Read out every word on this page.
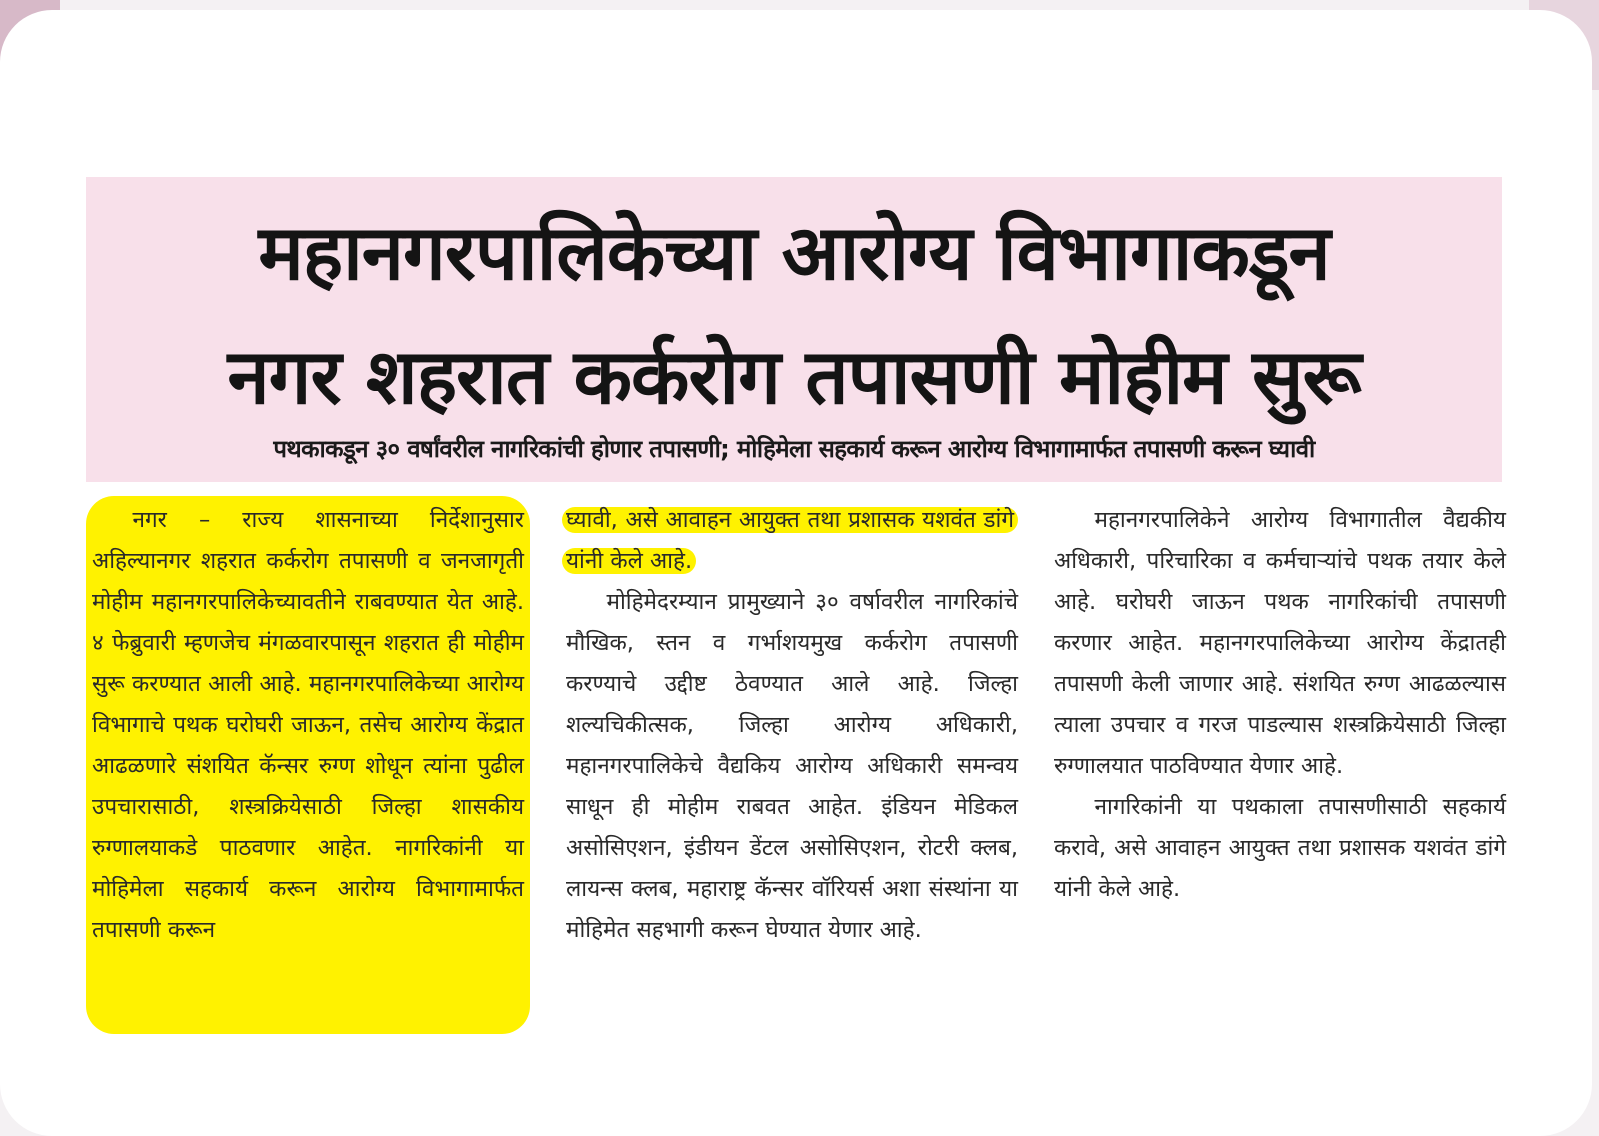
महानगरपालिकेच्या आरोग्य विभागाकडून
नगर शहरात कर्करोग तपासणी मोहीम सुरू
पथकाकडून ३० वर्षांवरील नागरिकांची होणार तपासणी; मोहिमेला सहकार्य करून आरोग्य विभागामार्फत तपासणी करून घ्यावी

नगर – राज्य शासनाच्या निर्देशानुसार अहिल्यानगर शहरात कर्करोग तपासणी व जनजागृती मोहीम महानगरपालिकेच्यावतीने राबवण्यात येत आहे. ४ फेब्रुवारी म्हणजेच मंगळवारपासून शहरात ही मोहीम सुरू करण्यात आली आहे. महानगरपालिकेच्या आरोग्य विभागाचे पथक घरोघरी जाऊन, तसेच आरोग्य केंद्रात आढळणारे संशयित कॅन्सर रुग्ण शोधून त्यांना पुढील उपचारासाठी, शस्त्रक्रियेसाठी जिल्हा शासकीय रुग्णालयाकडे पाठवणार आहेत. नागरिकांनी या मोहिमेला सहकार्य करून आरोग्य विभागामार्फत तपासणी करून

घ्यावी, असे आवाहन आयुक्त तथा प्रशासक यशवंत डांगे यांनी केले आहे.

मोहिमेदरम्यान प्रामुख्याने ३० वर्षावरील नागरिकांचे मौखिक, स्तन व गर्भाशयमुख कर्करोग तपासणी करण्याचे उद्दीष्ट ठेवण्यात आले आहे. जिल्हा शल्यचिकीत्सक, जिल्हा आरोग्य अधिकारी, महानगरपालिकेचे वैद्यकिय आरोग्य अधिकारी समन्वय साधून ही मोहीम राबवत आहेत. इंडियन मेडिकल असोसिएशन, इंडीयन डेंटल असोसिएशन, रोटरी क्लब, लायन्स क्लब, महाराष्ट्र कॅन्सर वॉरियर्स अशा संस्थांना या मोहिमेत सहभागी करून घेण्यात येणार आहे.

महानगरपालिकेने आरोग्य विभागातील वैद्यकीय अधिकारी, परिचारिका व कर्मचाऱ्यांचे पथक तयार केले आहे. घरोघरी जाऊन पथक नागरिकांची तपासणी करणार आहेत. महानगरपालिकेच्या आरोग्य केंद्रातही तपासणी केली जाणार आहे. संशयित रुग्ण आढळल्यास त्याला उपचार व गरज पाडल्यास शस्त्रक्रियेसाठी जिल्हा रुग्णालयात पाठविण्यात येणार आहे.

नागरिकांनी या पथकाला तपासणीसाठी सहकार्य करावे, असे आवाहन आयुक्त तथा प्रशासक यशवंत डांगे यांनी केले आहे.
